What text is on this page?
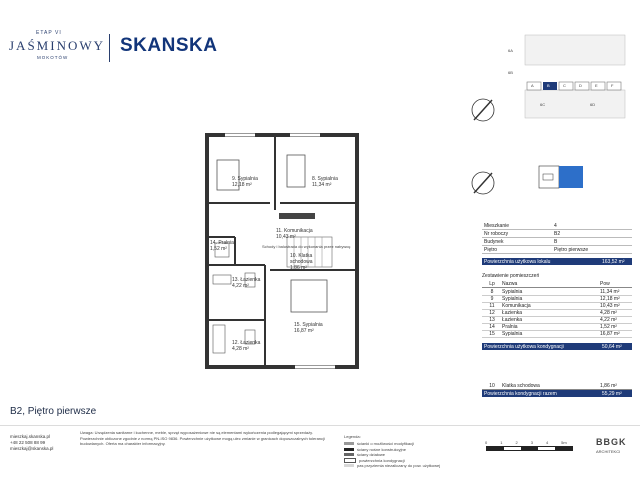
ETAP VI
JAŚMINOWY
MOKOTÓW
SKANSKA
9. Sypialnia
12,18 m²
8. Sypialnia
11,34 m²
11. Komunikacja
10,43 m²
14. Pralnia
1,52 m²
10. Klatka schodowa
1,86 m²
13. Łazienka
4,22 m²
15. Sypialnia
16,87 m²
12. Łazienka
4,28 m²
Schody i balustrada do wykonania przez nabywcę
B2, Piętro pierwsze
6A
6B
A	B	C	D	E	F
6C	6D
Mieszkanie	4
Nr roboczy	B2
Budynek	B
Piętro	Piętro pierwsze
Powierzchnia użytkowa lokalu	163,52 m²
Zestawienie pomieszczeń
Lp	Nazwa	Pow
8	Sypialnia	11,34 m²
9	Sypialnia	12,18 m²
11	Komunikacja	10,43 m²
12	Łazienka	4,28 m²
13	Łazienka	4,22 m²
14	Pralnia	1,52 m²
15	Sypialnia	16,87 m²
Powierzchnia użytkowa kondygnacji	50,64 m²
10	Klatka schodowa	1,86 m²
Powierzchnia kondygnacji razem	55,29 m²
mieszkaj.skanska.pl
+48 22 508 88 99
mieszkaj@skanska.pl
Uwaga: Urządzenia sanitarne i kuchenne, meble, sprzęt wyposażeniowe nie są elementami wykończenia podlegającymi sprzedaży. Powierzchnie obliczone zgodnie z normą PN-ISO 9836. Powierzchnie użytkowe mogą ulec zmianie w granicach dopuszczalnych tolerancji budowlanych. Oferta ma charakter informacyjny.
Legenda:
ścianki o możliwości modyfikacji
ściany nośne konstrukcyjne
ściany działowe
powierzchnia kondygnacji
pas przyziemia niezaliczany do pow. użytkowej
0	1	2	3	4	5m	BBGK
ARCHITEKCI
